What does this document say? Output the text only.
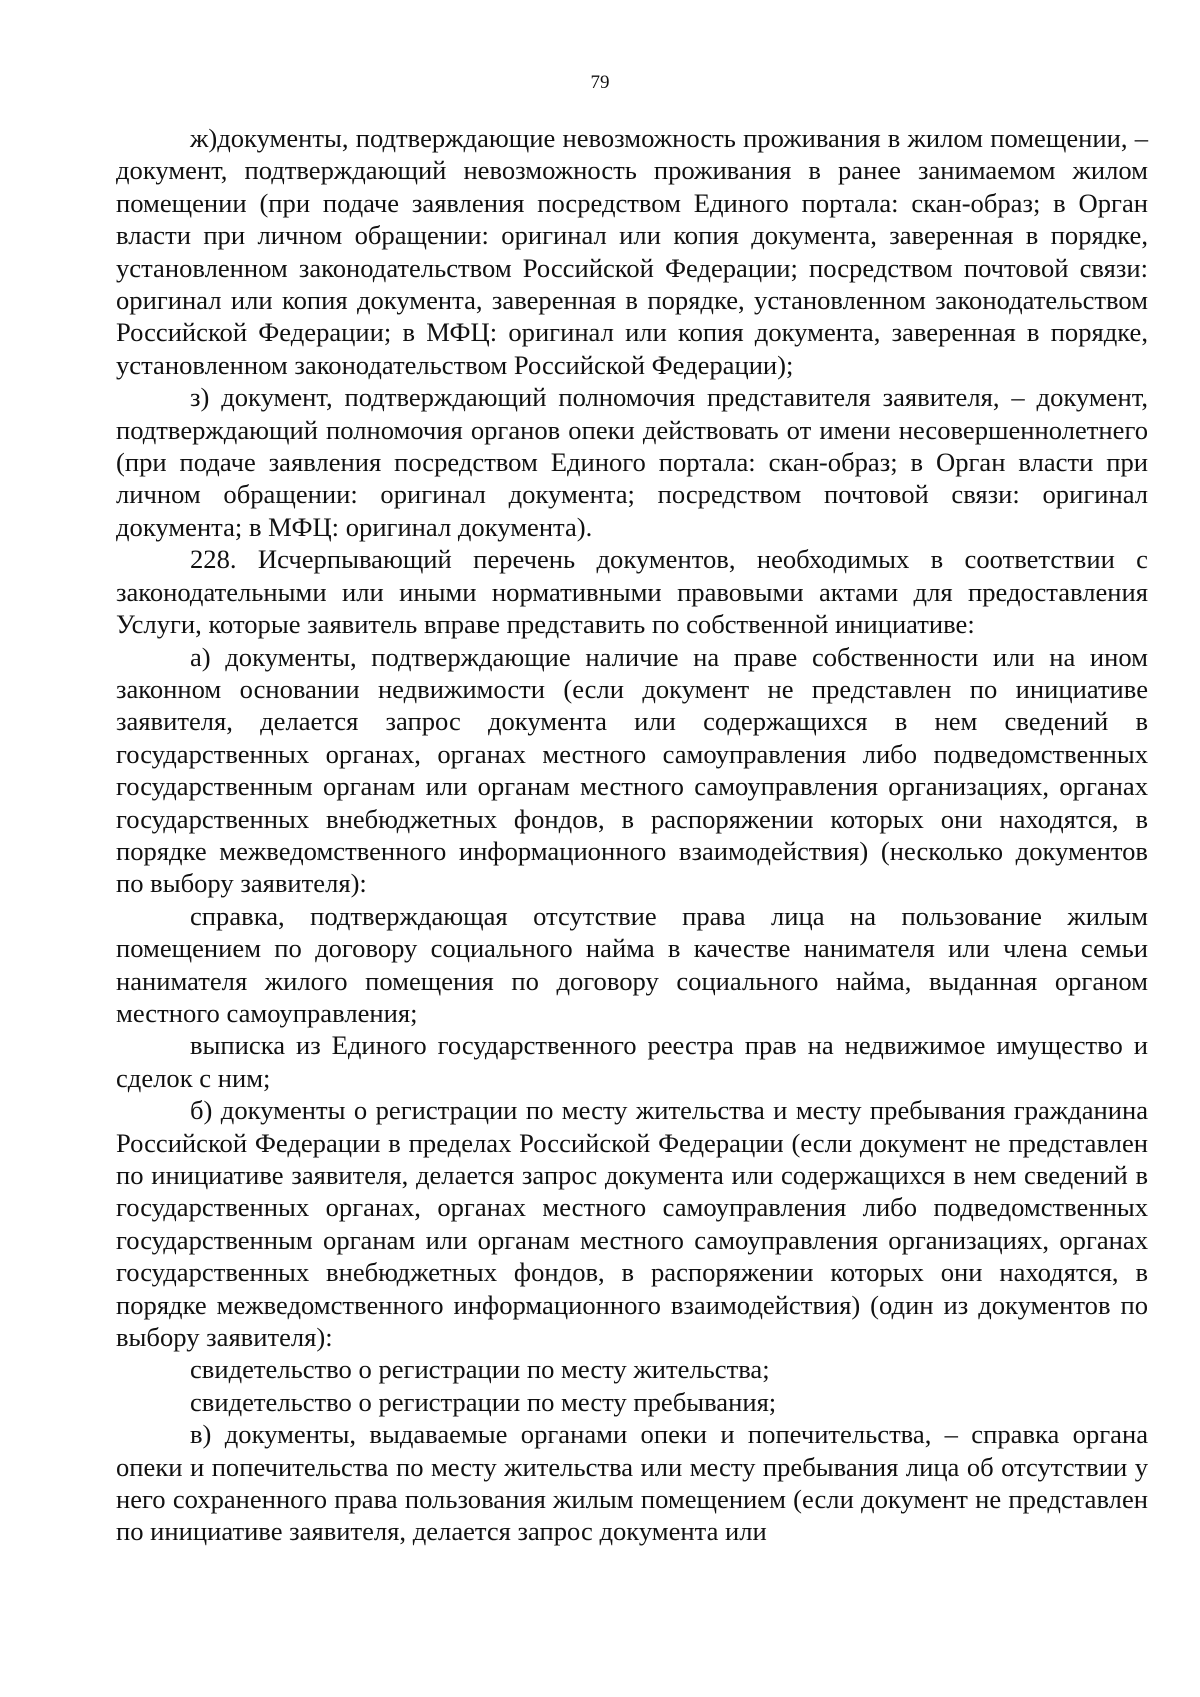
79

ж)документы, подтверждающие невозможность проживания в жилом помещении, – документ, подтверждающий невозможность проживания в ранее занимаемом жилом помещении (при подаче заявления посредством Единого портала: скан-образ; в Орган власти при личном обращении: оригинал или копия документа, заверенная в порядке, установленном законодательством Российской Федерации; посредством почтовой связи: оригинал или копия документа, заверенная в порядке, установленном законодательством Российской Федерации; в МФЦ: оригинал или копия документа, заверенная в порядке, установленном законодательством Российской Федерации);

з) документ, подтверждающий полномочия представителя заявителя, – документ, подтверждающий полномочия органов опеки действовать от имени несовершеннолетнего (при подаче заявления посредством Единого портала: скан-образ; в Орган власти при личном обращении: оригинал документа; посредством почтовой связи: оригинал документа; в МФЦ: оригинал документа).

228. Исчерпывающий перечень документов, необходимых в соответствии с законодательными или иными нормативными правовыми актами для предоставления Услуги, которые заявитель вправе представить по собственной инициативе:

а) документы, подтверждающие наличие на праве собственности или на ином законном основании недвижимости (если документ не представлен по инициативе заявителя, делается запрос документа или содержащихся в нем сведений в государственных органах, органах местного самоуправления либо подведомственных государственным органам или органам местного самоуправления организациях, органах государственных внебюджетных фондов, в распоряжении которых они находятся, в порядке межведомственного информационного взаимодействия) (несколько документов по выбору заявителя):

справка, подтверждающая отсутствие права лица на пользование жилым помещением по договору социального найма в качестве нанимателя или члена семьи нанимателя жилого помещения по договору социального найма, выданная органом местного самоуправления;

выписка из Единого государственного реестра прав на недвижимое имущество и сделок с ним;

б) документы о регистрации по месту жительства и месту пребывания гражданина Российской Федерации в пределах Российской Федерации (если документ не представлен по инициативе заявителя, делается запрос документа или содержащихся в нем сведений в государственных органах, органах местного самоуправления либо подведомственных государственным органам или органам местного самоуправления организациях, органах государственных внебюджетных фондов, в распоряжении которых они находятся, в порядке межведомственного информационного взаимодействия) (один из документов по выбору заявителя):

свидетельство о регистрации по месту жительства;

свидетельство о регистрации по месту пребывания;

в) документы, выдаваемые органами опеки и попечительства, – справка органа опеки и попечительства по месту жительства или месту пребывания лица об отсутствии у него сохраненного права пользования жилым помещением (если документ не представлен по инициативе заявителя, делается запрос документа или
